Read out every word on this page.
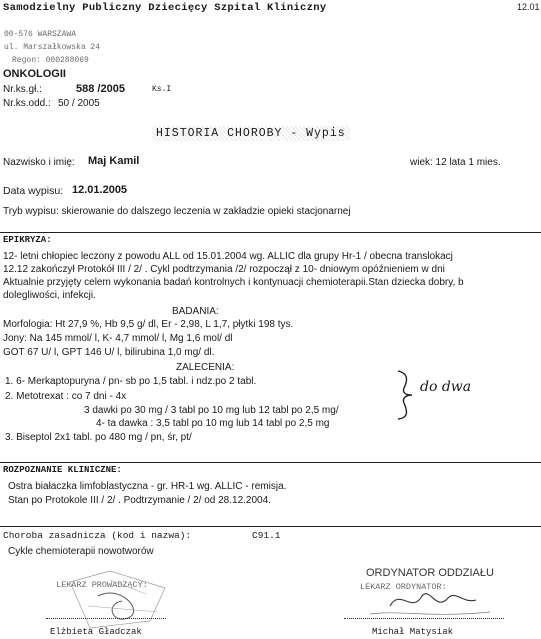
Samodzielny Publiczny Dziecięcy Szpital Kliniczny	12.01
00-576 WARSZAWA
ul. Marszałkowska 24
Regon: 000288069
ONKOLOGII
Nr.ks.gł.:	588 /2005	Ks.I
Nr.ks.odd.: 50 / 2005
HISTORIA CHOROBY - Wypis
Nazwisko i imię: Maj Kamil	wiek: 12 lata 1 mies.
Data wypisu: 12.01.2005
Tryb wypisu: skierowanie do dalszego leczenia w zakładzie opieki stacjonarnej
EPIKRYZA:
12- letni chłopiec leczony z powodu ALL od 15.01.2004 wg. ALLIC dla grupy Hr-1 / obecna translokacj
12.12 zakończył Protokół III / 2/ . Cykl podtrzymania /2/ rozpoczął z 10- dniowym opóźnieniem w dni
Aktualnie przyjęty celem wykonania badań kontrolnych i kontynuacji chemioterapii.Stan dziecka dobry, b
dolegliwości, infekcji.
BADANIA:
Morfologia: Ht 27,9 %, Hb 9,5 g/ dl, Er - 2,98, L 1,7, płytki 198 tys.
Jony: Na 145 mmol/ l, K- 4,7 mmol/ l, Mg 1,6 mol/ dl
GOT 67 U/ l, GPT 146 U/ l, bilirubina 1,0 mg/ dl.
ZALECENIA:
1. 6- Merkaptopuryna / pn- sb po 1,5 tabl. i ndz.po 2 tabl.
2. Metotrexat : co 7 dni - 4x
3 dawki po 30 mg / 3 tabl po 10 mg lub 12 tabl po 2,5 mg/
4- ta dawka : 3,5 tabl po 10 mg lub 14 tabl po 2,5 mg
3. Biseptol 2x1 tabl. po 480 mg / pn, śr, pt/
do dwa
ROZPOZNANIE KLINICZNE:
Ostra białaczka limfoblastyczna - gr. HR-1 wg. ALLIC - remisja.
Stan po Protokole III / 2/ . Podtrzymanie / 2/ od 28.12.2004.
Choroba zasadnicza (kod i nazwa):	C91.1
Cykle chemioterapii nowotworów
LEKARZ PROWADZĄCY:
Elżbieta Gładczak
ORDYNATOR ODDZIAŁU
LEKARZ ORDYNATOR:
Michał Matysiak
